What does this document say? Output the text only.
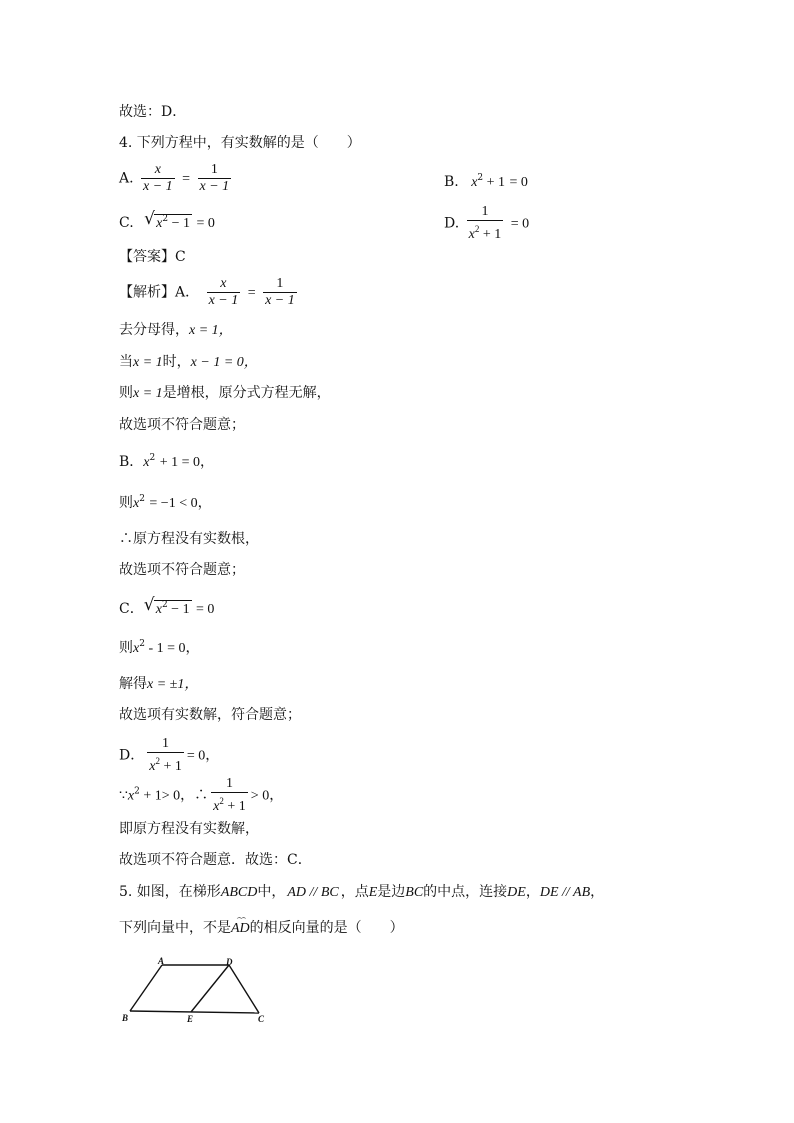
故选：D．
4. 下列方程中，有实数解的是（　　）
A. $\frac{x}{x - 1} = \frac{1}{x - 1}$	B. $x^2 + 1 = 0$
C. √ $x^2 - 1 = 0$	D. $\frac{1}{x^2 + 1} = 0$
【答案】C
【解析】A． $\frac{x}{x - 1} = \frac{1}{x - 1}$
去分母得，x = 1，
当x = 1时，x − 1 = 0，
则x = 1是增根，原分式方程无解，
故选项不符合题意；
B．$x^2 + 1 = 0$，
则$x^2 = -1 < 0$，
∴原方程没有实数根，
故选项不符合题意；
C． √ $x^2 - 1 = 0$
则$x^2 - 1 = 0$，
解得x = ±1，
故选项有实数解，符合题意；
D． $\frac{1}{x^2 + 1} = 0$，
$\because x^2 + 1> 0$，∴ $\frac{1}{x^2 + 1} > 0$，
即原方程没有实数解，
故选项不符合题意．故选：C．
5. 如图，在梯形ABCD中， AD // BC ，点E是边BC的中点，连接DE，DE // AB，
下列向量中，不是
⌢⌢
AD的相反向量的是（　　）
A	D
B	E	C
